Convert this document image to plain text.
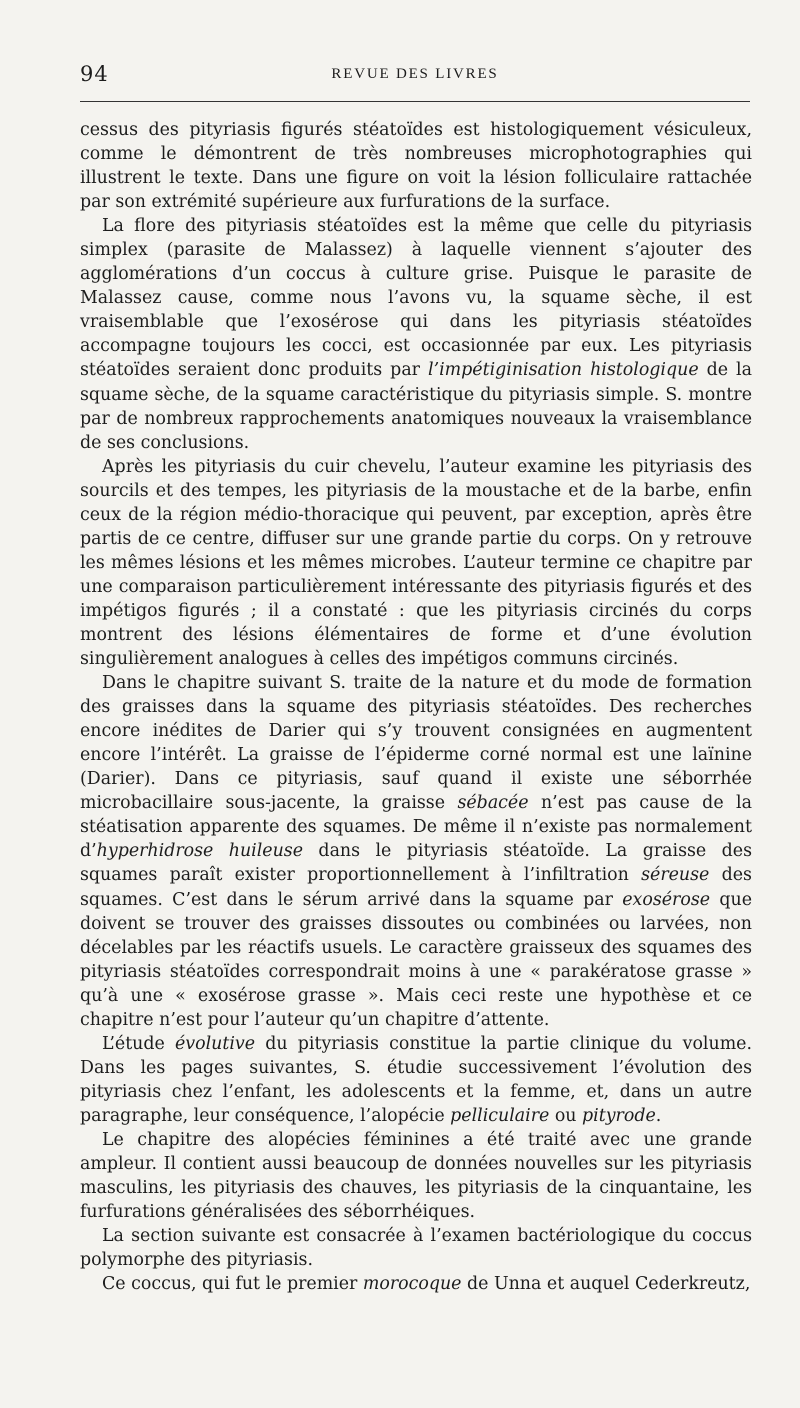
94	REVUE DES LIVRES

cessus des pityriasis figurés stéatoïdes est histologiquement vésiculeux, comme le démontrent de très nombreuses microphotographies qui illustrent le texte. Dans une figure on voit la lésion folliculaire rattachée par son extrémité supérieure aux furfurations de la surface.

La flore des pityriasis stéatoïdes est la même que celle du pityriasis simplex (parasite de Malassez) à laquelle viennent s’ajouter des agglomérations d’un coccus à culture grise. Puisque le parasite de Malassez cause, comme nous l’avons vu, la squame sèche, il est vraisemblable que l’exosérose qui dans les pityriasis stéatoïdes accompagne toujours les cocci, est occasionnée par eux. Les pityriasis stéatoïdes seraient donc produits par l’impétiginisation histologique de la squame sèche, de la squame caractéristique du pityriasis simple. S. montre par de nombreux rapprochements anatomiques nouveaux la vraisemblance de ses conclusions.

Après les pityriasis du cuir chevelu, l’auteur examine les pityriasis des sourcils et des tempes, les pityriasis de la moustache et de la barbe, enfin ceux de la région médio-thoracique qui peuvent, par exception, après être partis de ce centre, diffuser sur une grande partie du corps. On y retrouve les mêmes lésions et les mêmes microbes. L’auteur termine ce chapitre par une comparaison particulièrement intéressante des pityriasis figurés et des impétigos figurés ; il a constaté : que les pityriasis circinés du corps montrent des lésions élémentaires de forme et d’une évolution singulièrement analogues à celles des impétigos communs circinés.

Dans le chapitre suivant S. traite de la nature et du mode de formation des graisses dans la squame des pityriasis stéatoïdes. Des recherches encore inédites de Darier qui s’y trouvent consignées en augmentent encore l’intérêt. La graisse de l’épiderme corné normal est une laïnine (Darier). Dans ce pityriasis, sauf quand il existe une séborrhée microbacillaire sous-jacente, la graisse sébacée n’est pas cause de la stéatisation apparente des squames. De même il n’existe pas normalement d’hyperhidrose huileuse dans le pityriasis stéatoïde. La graisse des squames paraît exister proportionnellement à l’infiltration séreuse des squames. C’est dans le sérum arrivé dans la squame par exosérose que doivent se trouver des graisses dissoutes ou combinées ou larvées, non décelables par les réactifs usuels. Le caractère graisseux des squames des pityriasis stéatoïdes correspondrait moins à une « parakératose grasse » qu’à une « exosérose grasse ». Mais ceci reste une hypothèse et ce chapitre n’est pour l’auteur qu’un chapitre d’attente.

L’étude évolutive du pityriasis constitue la partie clinique du volume. Dans les pages suivantes, S. étudie successivement l’évolution des pityriasis chez l’enfant, les adolescents et la femme, et, dans un autre paragraphe, leur conséquence, l’alopécie pelliculaire ou pityrode.

Le chapitre des alopécies féminines a été traité avec une grande ampleur. Il contient aussi beaucoup de données nouvelles sur les pityriasis masculins, les pityriasis des chauves, les pityriasis de la cinquantaine, les furfurations généralisées des séborrhéiques.

La section suivante est consacrée à l’examen bactériologique du coccus polymorphe des pityriasis.

Ce coccus, qui fut le premier morocoque de Unna et auquel Cederkreutz,
